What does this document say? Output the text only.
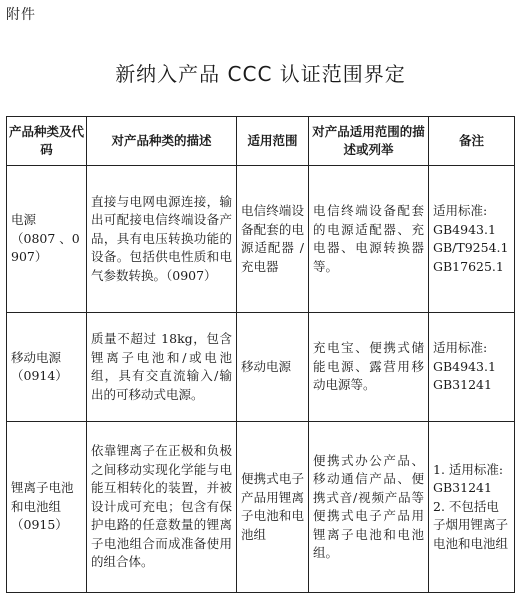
附件
新纳入产品 CCC 认证范围界定
产品种类及代码	对产品种类的描述	适用范围	对产品适用范围的描述或列举	备注

电源
（0807 、0907）	直接与电网电源连接，输出可配接电信终端设备产品，具有电压转换功能的设备。包括供电性质和电气参数转换。（0907）	电信终端设备配套的电源适配器 / 充电器	电信终端设备配套的电源适配器、充电器、电源转换器等。	适用标准:
GB4943.1
GB/T9254.1
GB17625.1

移动电源
（0914）	质量不超过 18kg，包含锂离子电池和/或电池组，具有交直流输入/输出的可移动式电源。	移动电源	充电宝、便携式储能电源、露营用移动电源等。	适用标准:
GB4943.1
GB31241

锂离子电池和电池组
（0915）	依靠锂离子在正极和负极之间移动实现化学能与电能互相转化的装置，并被设计成可充电；包含有保护电路的任意数量的锂离子电池组合而成准备使用的组合体。	便携式电子产品用锂离子电池和电池组	便携式办公产品、移动通信产品、便携式音/视频产品等便携式电子产品用锂离子电池和电池组。	1. 适用标准:
GB31241
2. 不包括电子烟用锂离子电池和电池组
